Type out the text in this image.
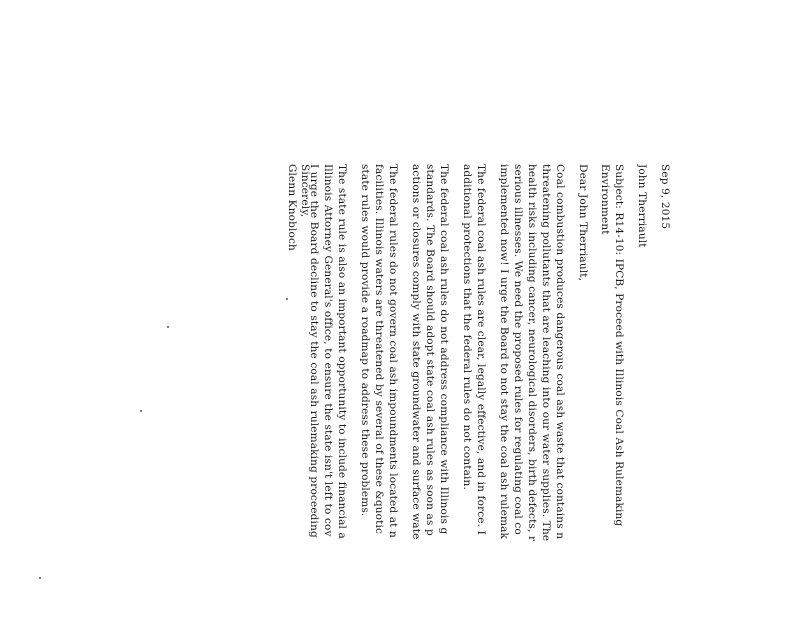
Sep 9, 2015
John Therriault
Subject: R14-10: IPCB, Proceed with Illinois Coal Ash Rulemaking
Environment
Dear John Therriault,
Coal combustion produces dangerous coal ash waste that contains n
threatening pollutants that are leaching into our water supplies. The
health risks including cancer, neurological disorders, birth defects, r
serious illnesses. We need the proposed rules for regulating coal co
implemented now! I urge the Board to not stay the coal ash rulemak
The federal coal ash rules are clear, legally effective, and in force. I
additional protections that the federal rules do not contain.
The federal coal ash rules do not address compliance with Illinois g
standards. The Board should adopt state coal ash rules as soon as p
actions or closures comply with state groundwater and surface wate
The federal rules do not govern coal ash impoundments located at n
facilities. Illinois waters are threatened by several of these &quotic
state rules would provide a roadmap to address these problems.
The state rule is also an important opportunity to include financial a
Illinois Attorney General's office, to ensure the state isn't left to cov
I urge the Board decline to stay the coal ash rulemaking proceeding
Sincerely,
Glenn Knobloch
